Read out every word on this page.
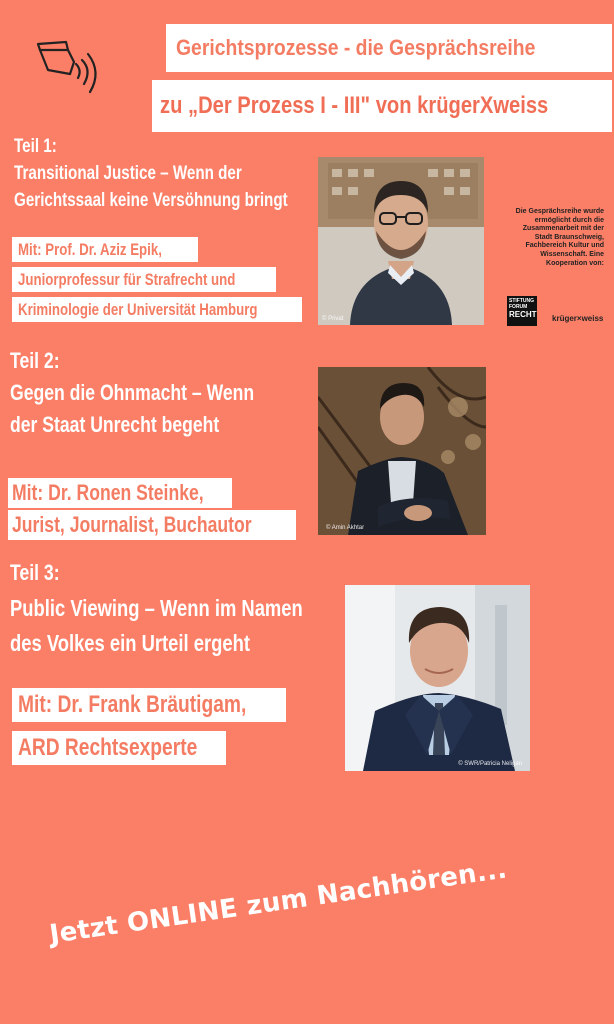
Gerichtsprozesse - die Gesprächsreihe
zu „Der Prozess I - III" von krügerXweiss
Teil 1:
Transitional Justice – Wenn der
Gerichtssaal keine Versöhnung bringt
Mit: Prof. Dr. Aziz Epik,
Juniorprofessur für Strafrecht und
Kriminologie der Universität Hamburg	© Privat
Die Gesprächsreihe wurde
ermöglicht durch die
Zusammenarbeit mit der
Stadt Braunschweig,
Fachbereich Kultur und
Wissenschaft. Eine
Kooperation von:
STIFTUNG
FORUM
RECHT krüger×weiss
Teil 2:
Gegen die Ohnmacht – Wenn
der Staat Unrecht begeht
Mit: Dr. Ronen Steinke,
Jurist, Journalist, Buchautor	© Amin Akhtar
Teil 3:
Public Viewing – Wenn im Namen
des Volkes ein Urteil ergeht
Mit: Dr. Frank Bräutigam,
ARD Rechtsexperte
© SWR/Patricia Neligan
Jetzt ONLINE zum Nachhören...
